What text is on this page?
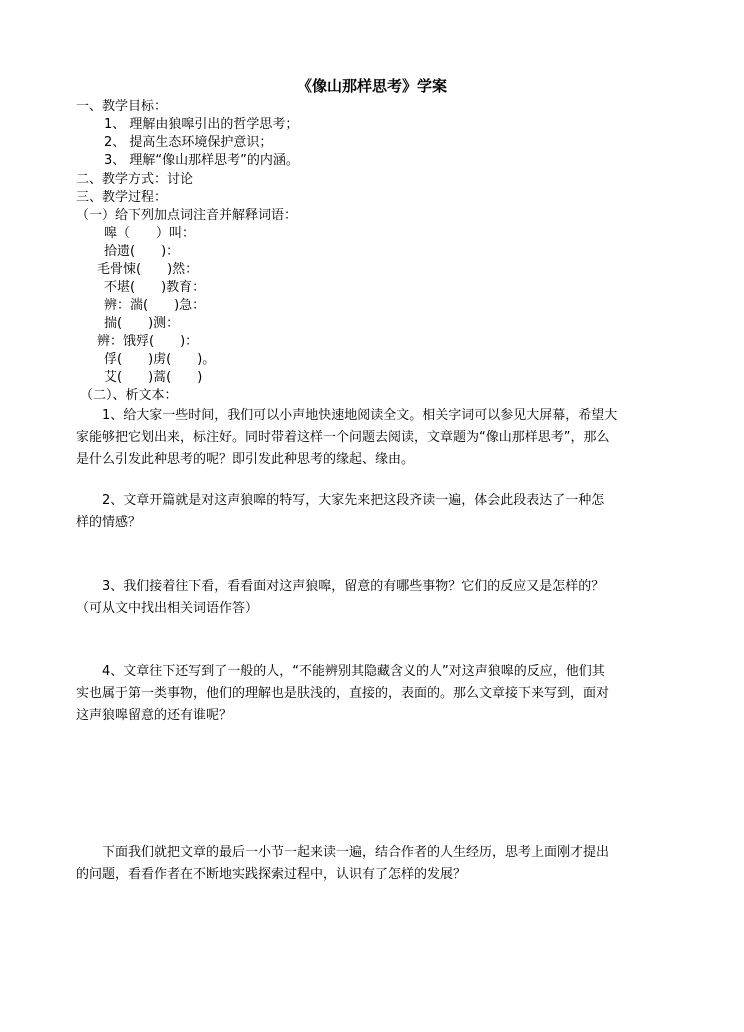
《像山那样思考》学案
一、教学目标：
1、 理解由狼嗥引出的哲学思考；
2、 提高生态环境保护意识；
3、 理解“像山那样思考”的内涵。
二、教学方式：讨论
三、教学过程：
（一）给下列加点词注音并解释词语：
嗥（　　）叫：
拾遗(　　)：
毛骨悚(　　)然：
不堪(　　)教育：
辨：湍(　　)急：
揣(　　)测：
辨：饿殍(　　)：
俘(　　)虏(　　)。
艾(　　)蒿(　　)
（二）、析文本：
1、给大家一些时间，我们可以小声地快速地阅读全文。相关字词可以参见大屏幕，希望大家能够把它划出来，标注好。同时带着这样一个问题去阅读，文章题为“像山那样思考”，那么是什么引发此种思考的呢？即引发此种思考的缘起、缘由。
2、文章开篇就是对这声狼嗥的特写，大家先来把这段齐读一遍，体会此段表达了一种怎样的情感？
3、我们接着往下看，看看面对这声狼嗥，留意的有哪些事物？它们的反应又是怎样的？（可从文中找出相关词语作答）
4、文章往下还写到了一般的人，“不能辨别其隐藏含义的人”对这声狼嗥的反应，他们其实也属于第一类事物，他们的理解也是肤浅的，直接的，表面的。那么文章接下来写到，面对这声狼嗥留意的还有谁呢？
下面我们就把文章的最后一小节一起来读一遍，结合作者的人生经历，思考上面刚才提出的问题，看看作者在不断地实践探索过程中，认识有了怎样的发展？
